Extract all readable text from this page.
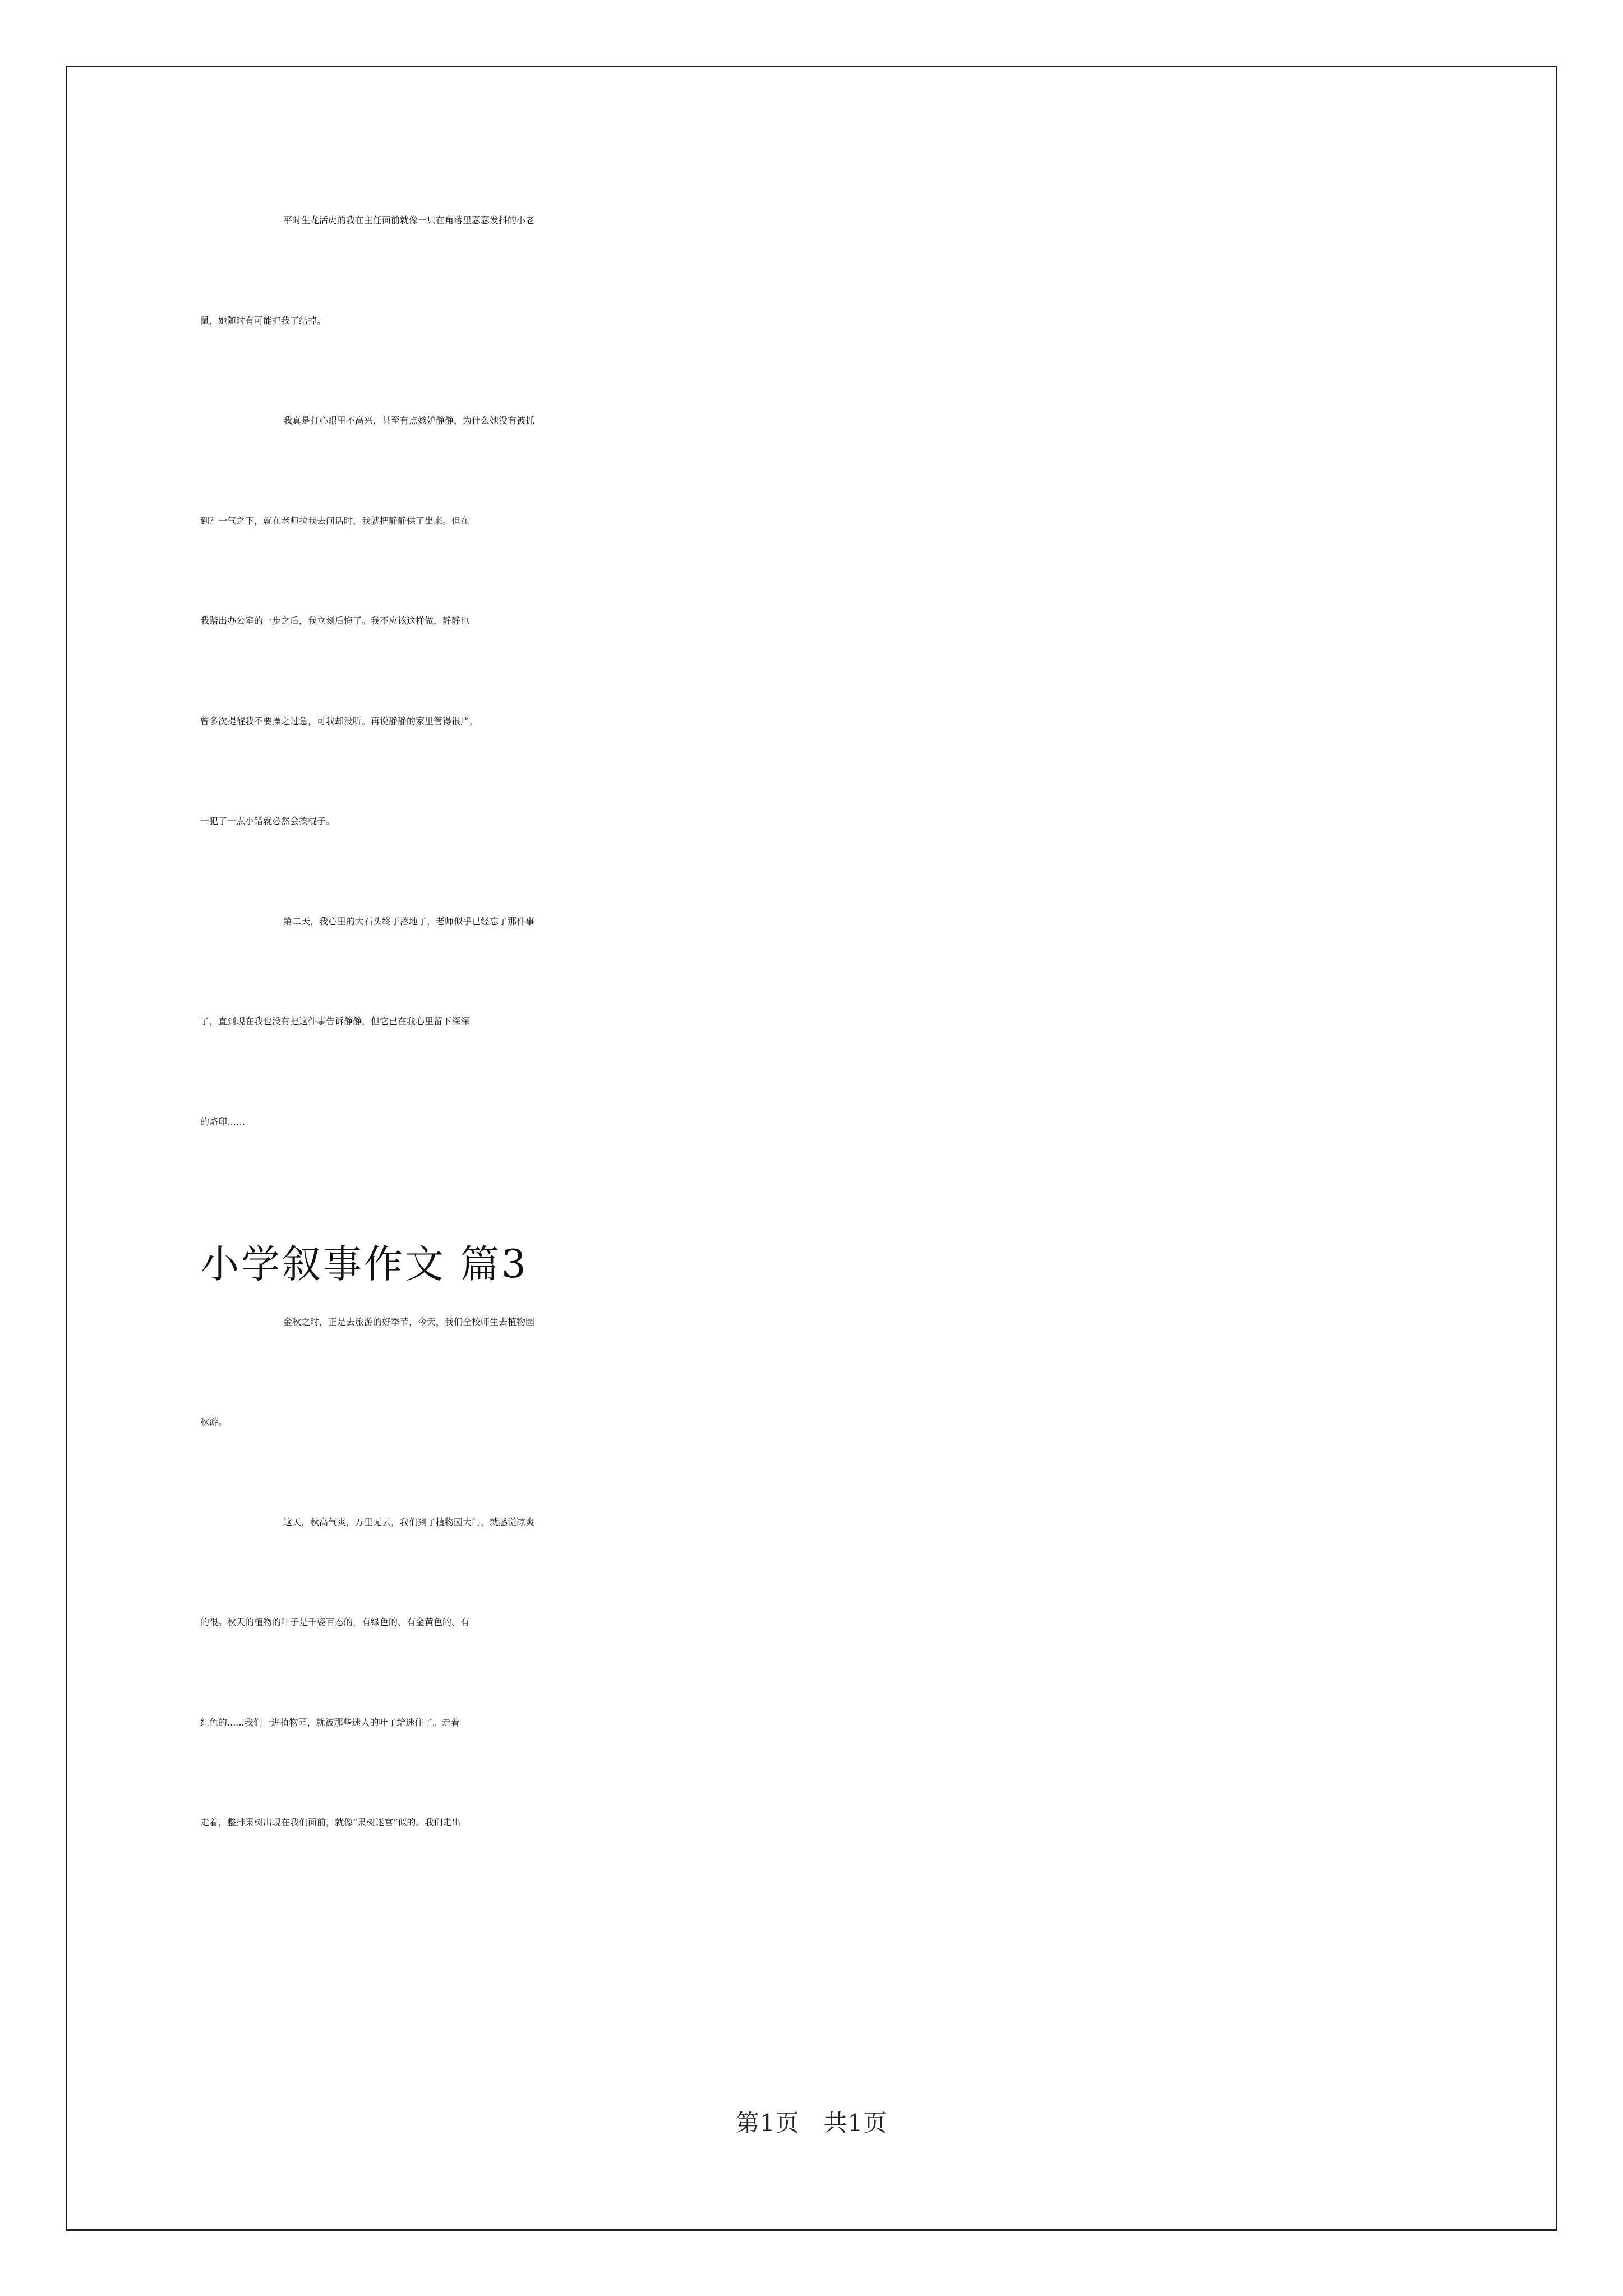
平时生龙活虎的我在主任面前就像一只在角落里瑟瑟发抖的小老
鼠，她随时有可能把我了结掉。
我真是打心眼里不高兴，甚至有点嫉妒静静，为什么她没有被抓
到？一气之下，就在老师拉我去问话时，我就把静静供了出来。但在
我踏出办公室的一步之后，我立刻后悔了。我不应该这样做，静静也
曾多次提醒我不要操之过急，可我却没听。再说静静的家里管得很严，
一犯了一点小错就必然会挨棍子。
第二天，我心里的大石头终于落地了，老师似乎已经忘了那件事
了，直到现在我也没有把这件事告诉静静，但它已在我心里留下深深
的烙印……
小学叙事作文 篇3
金秋之时，正是去旅游的好季节，今天，我们全校师生去植物园
秋游。
这天，秋高气爽，万里无云，我们到了植物园大门，就感觉凉爽
的很。秋天的植物的叶子是千姿百态的，有绿色的、有金黄色的、有
红色的......我们一进植物园，就被那些迷人的叶子给迷住了。走着
走着，整排果树出现在我们面前，就像“果树迷宫”似的。我们走出
第1页 共1页
